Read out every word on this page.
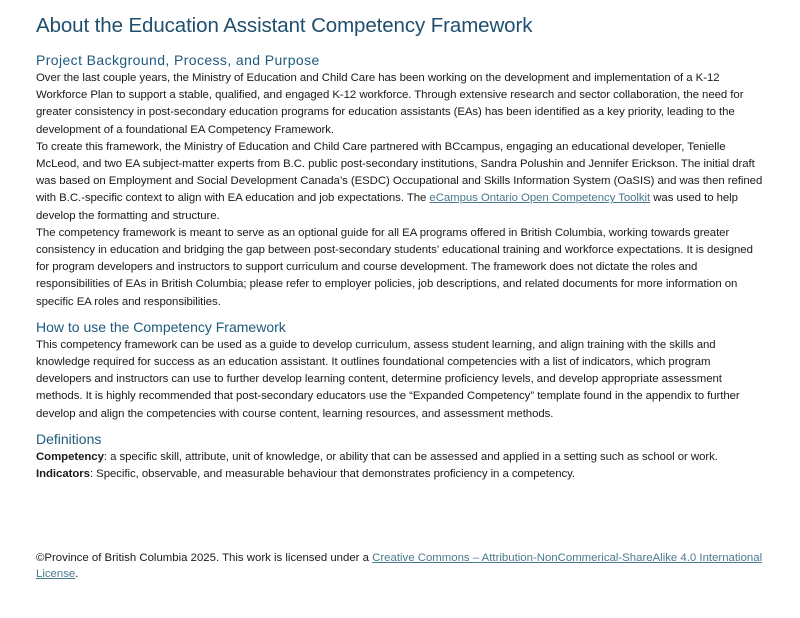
About the Education Assistant Competency Framework
Project Background, Process, and Purpose

Over the last couple years, the Ministry of Education and Child Care has been working on the development and implementation of a K-12 Workforce Plan to support a stable, qualified, and engaged K-12 workforce. Through extensive research and sector collaboration, the need for greater consistency in post-secondary education programs for education assistants (EAs) has been identified as a key priority, leading to the development of a foundational EA Competency Framework.

To create this framework, the Ministry of Education and Child Care partnered with BCcampus, engaging an educational developer, Tenielle McLeod, and two EA subject-matter experts from B.C. public post-secondary institutions, Sandra Polushin and Jennifer Erickson. The initial draft was based on Employment and Social Development Canada’s (ESDC) Occupational and Skills Information System (OaSIS) and was then refined with B.C.-specific context to align with EA education and job expectations. The eCampus Ontario Open Competency Toolkit was used to help develop the formatting and structure.

The competency framework is meant to serve as an optional guide for all EA programs offered in British Columbia, working towards greater consistency in education and bridging the gap between post-secondary students’ educational training and workforce expectations. It is designed for program developers and instructors to support curriculum and course development. The framework does not dictate the roles and responsibilities of EAs in British Columbia; please refer to employer policies, job descriptions, and related documents for more information on specific EA roles and responsibilities.

How to use the Competency Framework

This competency framework can be used as a guide to develop curriculum, assess student learning, and align training with the skills and knowledge required for success as an education assistant. It outlines foundational competencies with a list of indicators, which program developers and instructors can use to further develop learning content, determine proficiency levels, and develop appropriate assessment methods. It is highly recommended that post-secondary educators use the “Expanded Competency” template found in the appendix to further develop and align the competencies with course content, learning resources, and assessment methods.

Definitions

Competency: a specific skill, attribute, unit of knowledge, or ability that can be assessed and applied in a setting such as school or work.

Indicators: Specific, observable, and measurable behaviour that demonstrates proficiency in a competency.

©Province of British Columbia 2025. This work is licensed under a Creative Commons – Attribution-NonCommerical-ShareAlike 4.0 International License.
